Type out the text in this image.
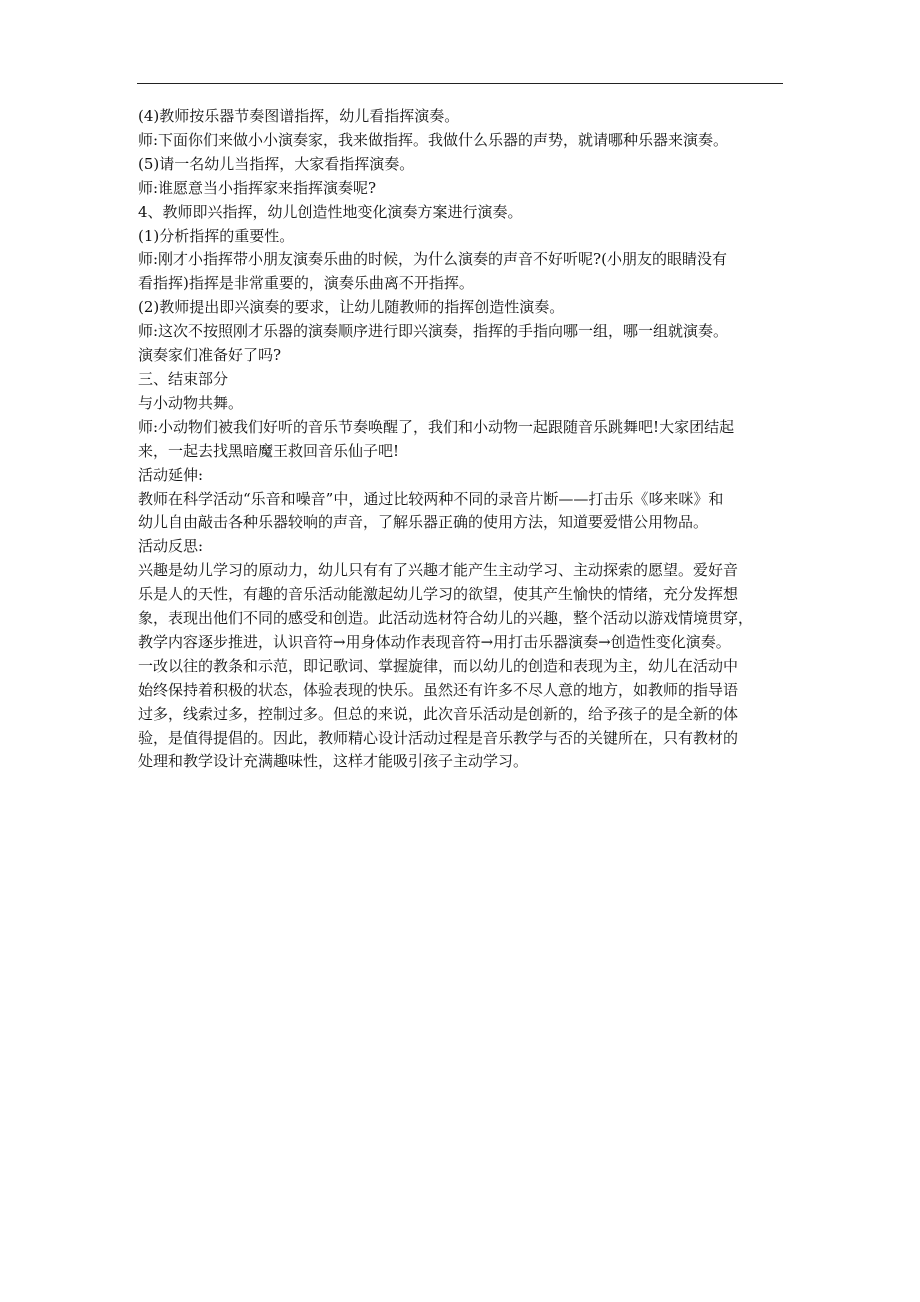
(4)教师按乐器节奏图谱指挥，幼儿看指挥演奏。

师:下面你们来做小小演奏家，我来做指挥。我做什么乐器的声势，就请哪种乐器来演奏。

(5)请一名幼儿当指挥，大家看指挥演奏。

师:谁愿意当小指挥家来指挥演奏呢?

4、教师即兴指挥，幼儿创造性地变化演奏方案进行演奏。

(1)分析指挥的重要性。

师:刚才小指挥带小朋友演奏乐曲的时候，为什么演奏的声音不好听呢?(小朋友的眼睛没有

看指挥)指挥是非常重要的，演奏乐曲离不开指挥。

(2)教师提出即兴演奏的要求，让幼儿随教师的指挥创造性演奏。

师:这次不按照刚才乐器的演奏顺序进行即兴演奏，指挥的手指向哪一组，哪一组就演奏。

演奏家们准备好了吗?

三、结束部分

与小动物共舞。

师:小动物们被我们好听的音乐节奏唤醒了，我们和小动物一起跟随音乐跳舞吧!大家团结起

来，一起去找黑暗魔王救回音乐仙子吧!

活动延伸:

教师在科学活动“乐音和噪音”中，通过比较两种不同的录音片断——打击乐《哆来咪》和

幼儿自由敲击各种乐器较响的声音，了解乐器正确的使用方法，知道要爱惜公用物品。

活动反思:

兴趣是幼儿学习的原动力，幼儿只有有了兴趣才能产生主动学习、主动探索的愿望。爱好音

乐是人的天性，有趣的音乐活动能激起幼儿学习的欲望，使其产生愉快的情绪，充分发挥想

象，表现出他们不同的感受和创造。此活动选材符合幼儿的兴趣，整个活动以游戏情境贯穿，

教学内容逐步推进，认识音符→用身体动作表现音符→用打击乐器演奏→创造性变化演奏。

一改以往的教条和示范，即记歌词、掌握旋律，而以幼儿的创造和表现为主，幼儿在活动中

始终保持着积极的状态，体验表现的快乐。虽然还有许多不尽人意的地方，如教师的指导语

过多，线索过多，控制过多。但总的来说，此次音乐活动是创新的，给予孩子的是全新的体

验，是值得提倡的。因此，教师精心设计活动过程是音乐教学与否的关键所在，只有教材的

处理和教学设计充满趣味性，这样才能吸引孩子主动学习。
